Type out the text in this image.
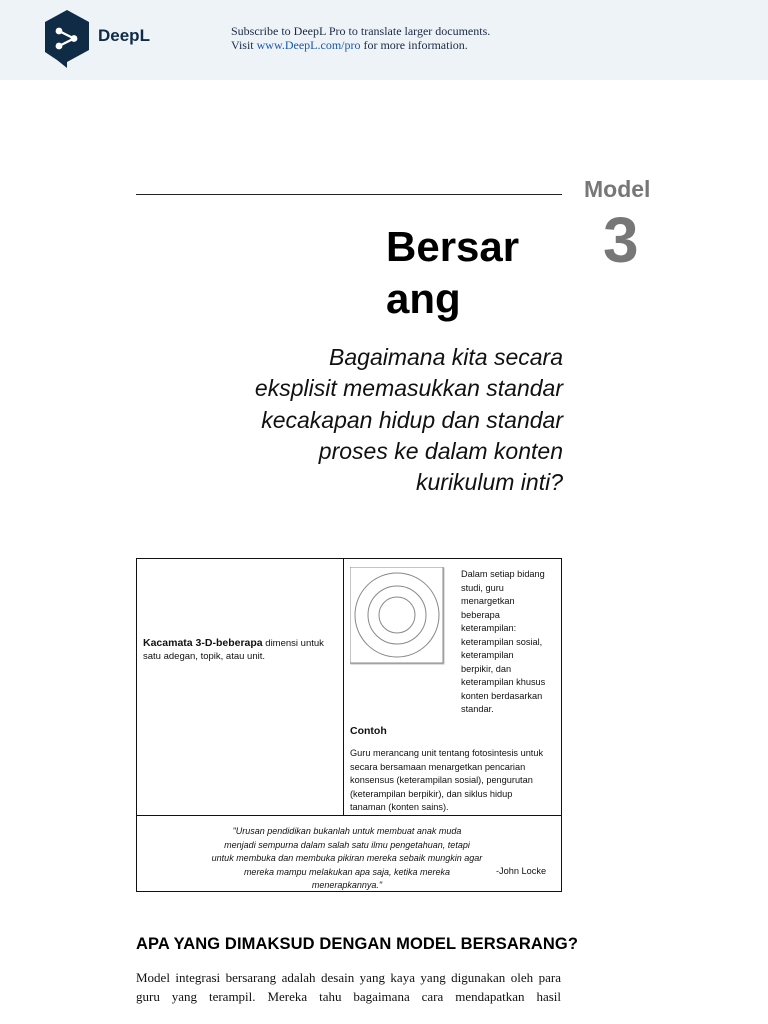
DeepL	Subscribe to DeepL Pro to translate larger documents.
Visit www.DeepL.com/pro for more information.
Model
3
Bersar
ang
Bagaimana kita secara
eksplisit memasukkan standar
kecakapan hidup dan standar
proses ke dalam konten
kurikulum inti?
Kacamata 3-D-beberapa dimensi untuk satu adegan, topik, atau unit.
Dalam setiap bidang
studi, guru
menargetkan
beberapa
keterampilan:
keterampilan sosial,
keterampilan
berpikir, dan
keterampilan khusus
konten berdasarkan
standar.
Contoh
Guru merancang unit tentang fotosintesis untuk
secara bersamaan menargetkan pencarian
konsensus (keterampilan sosial), pengurutan
(keterampilan berpikir), dan siklus hidup
tanaman (konten sains).
"Urusan pendidikan bukanlah untuk membuat anak muda
menjadi sempurna dalam salah satu ilmu pengetahuan, tetapi
untuk membuka dan membuka pikiran mereka sebaik mungkin agar
mereka mampu melakukan apa saja, ketika mereka
menerapkannya."
-John Locke
APA YANG DIMAKSUD DENGAN MODEL BERSARANG?
Model integrasi bersarang adalah desain yang kaya yang digunakan oleh para
guru yang terampil. Mereka tahu bagaimana cara mendapatkan hasil
